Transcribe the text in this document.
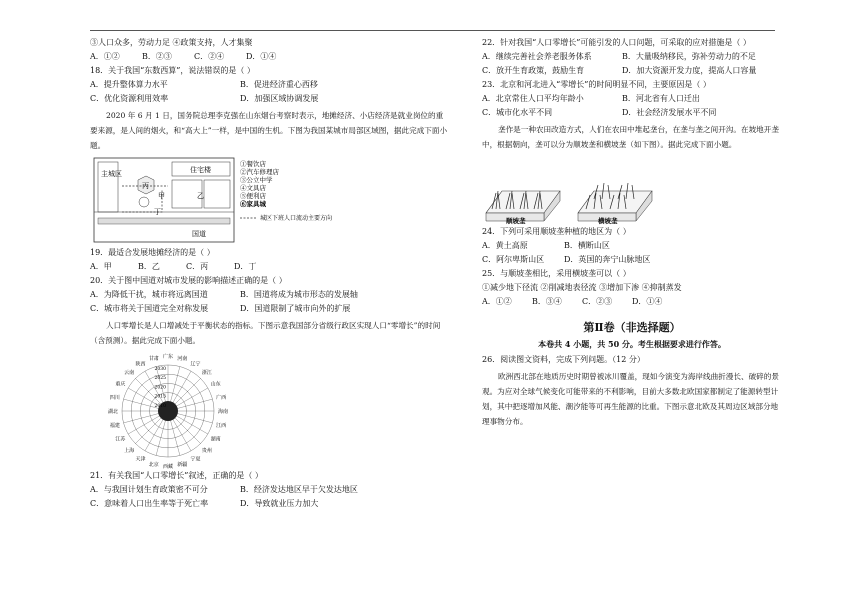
③人口众多，劳动力足 ④政策支持，人才集聚
A．①②	B．②③	C．②④	D．①④
18．关于我国“东数西算”，说法错误的是（ ）
A．提升整体算力水平	B．促进经济重心西移
C．优化资源利用效率	D．加强区域协调发展
2020 年 6 月 1 日，国务院总理李克强在山东烟台考察时表示，地摊经济、小店经济是就业岗位的重要来源，是人间的烟火，和“高大上”一样，是中国的生机。下图为我国某城市局部区域图，据此完成下面小题。
主城区	住宅楼
丙
国道
甲	乙
丁
①餐饮店
②汽车修理店
③公立中学
④文具店
⑤便利店
⑥家具城
城区下班人口流动主要方向
19．最适合发展地摊经济的是（ ）
A．甲	B．乙	C．丙	D．丁
20．关于图中国道对城市发展的影响描述正确的是（ ）
A．为降低干扰，城市将远离国道	B．国道将成为城市形态的发展轴
C．城市将关于国道完全对称发展	D．国道限制了城市向外的扩展
人口零增长是人口增减处于平衡状态的指标。下图示意我国部分省级行政区实现人口“零增长”的时间（含预测）。据此完成下面小题。
广东 河南
辽宁
浙江
山东
广西
海南
江西
湖南
贵州
宁夏
新疆
西藏
北京
天津
上海
江苏
福建
湖北
四川
重庆
云南
陕西
甘肃
2030
2025
2020
2015
2010
21．有关我国“人口零增长”叙述，正确的是（ ）
A．与我国计划生育政策密不可分	B．经济发达地区早于欠发达地区
C．意味着人口出生率等于死亡率	D．导致就业压力加大
22．针对我国“人口零增长”可能引发的人口问题，可采取的应对措施是（ ）
A．继续完善社会养老服务体系	B．大量吸纳移民，弥补劳动力的不足
C．放开生育政策，鼓励生育	D．加大资源开发力度，提高人口容量
23．北京和河北进入“零增长”的时间明显不同，主要原因是（ ）
A．北京常住人口平均年龄小	B．河北省有人口迁出
C．城市化水平不同	D．社会经济发展水平不同
垄作是一种农田改造方式，人们在农田中堆起垄台，在垄与垄之间开沟。在坡地开垄中，根据朝向，垄可以分为顺坡垄和横坡垄（如下图）。据此完成下面小题。
顺坡垄	横坡垄
24．下列可采用顺坡垄种植的地区为（ ）
A．黄土高原	B．横断山区
C．阿尔卑斯山区	D．英国的奔宁山脉地区
25．与顺坡垄相比，采用横坡垄可以（ ）
①减少地下径流 ②削减地表径流 ③增加下渗 ④抑制蒸发
A．①②	B．③④	C．②③	D．①④
第Ⅱ卷（非选择题）
本卷共 4 小题，共 50 分。考生根据要求进行作答。
26．阅读图文资料，完成下列问题。（12 分）
欧洲西北部在地质历史时期曾被冰川覆盖，现如今演变为海岸线曲折漫长、破碎的景观。为应对全球气候变化可能带来的不利影响，目前大多数北欧国家都制定了能源转型计划，其中把逐增加风能、潮汐能等可再生能源的比重。下图示意北欧及其周边区域部分地理事物分布。
